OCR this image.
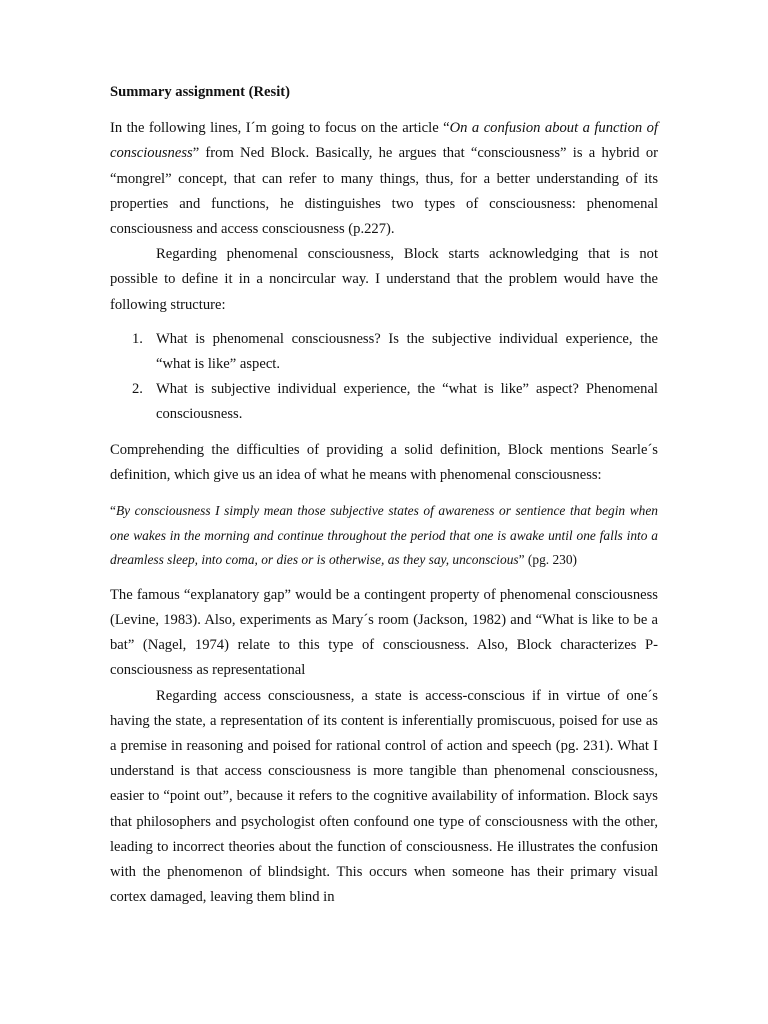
Summary assignment (Resit)

In the following lines, I´m going to focus on the article “On a confusion about a function of consciousness” from Ned Block. Basically, he argues that “consciousness” is a hybrid or “mongrel” concept, that can refer to many things, thus, for a better understanding of its properties and functions, he distinguishes two types of consciousness: phenomenal consciousness and access consciousness (p.227).

Regarding phenomenal consciousness, Block starts acknowledging that is not possible to define it in a noncircular way. I understand that the problem would have the following structure:

1. What is phenomenal consciousness? Is the subjective individual experience, the “what is like” aspect.
2. What is subjective individual experience, the “what is like” aspect? Phenomenal consciousness.

Comprehending the difficulties of providing a solid definition, Block mentions Searle´s definition, which give us an idea of what he means with phenomenal consciousness:

“By consciousness I simply mean those subjective states of awareness or sentience that begin when one wakes in the morning and continue throughout the period that one is awake until one falls into a dreamless sleep, into coma, or dies or is otherwise, as they say, unconscious” (pg. 230)

The famous “explanatory gap” would be a contingent property of phenomenal consciousness (Levine, 1983). Also, experiments as Mary´s room (Jackson, 1982) and “What is like to be a bat” (Nagel, 1974) relate to this type of consciousness. Also, Block characterizes P-consciousness as representational

Regarding access consciousness, a state is access-conscious if in virtue of one´s having the state, a representation of its content is inferentially promiscuous, poised for use as a premise in reasoning and poised for rational control of action and speech (pg. 231). What I understand is that access consciousness is more tangible than phenomenal consciousness, easier to “point out”, because it refers to the cognitive availability of information. Block says that philosophers and psychologist often confound one type of consciousness with the other, leading to incorrect theories about the function of consciousness. He illustrates the confusion with the phenomenon of blindsight. This occurs when someone has their primary visual cortex damaged, leaving them blind in
